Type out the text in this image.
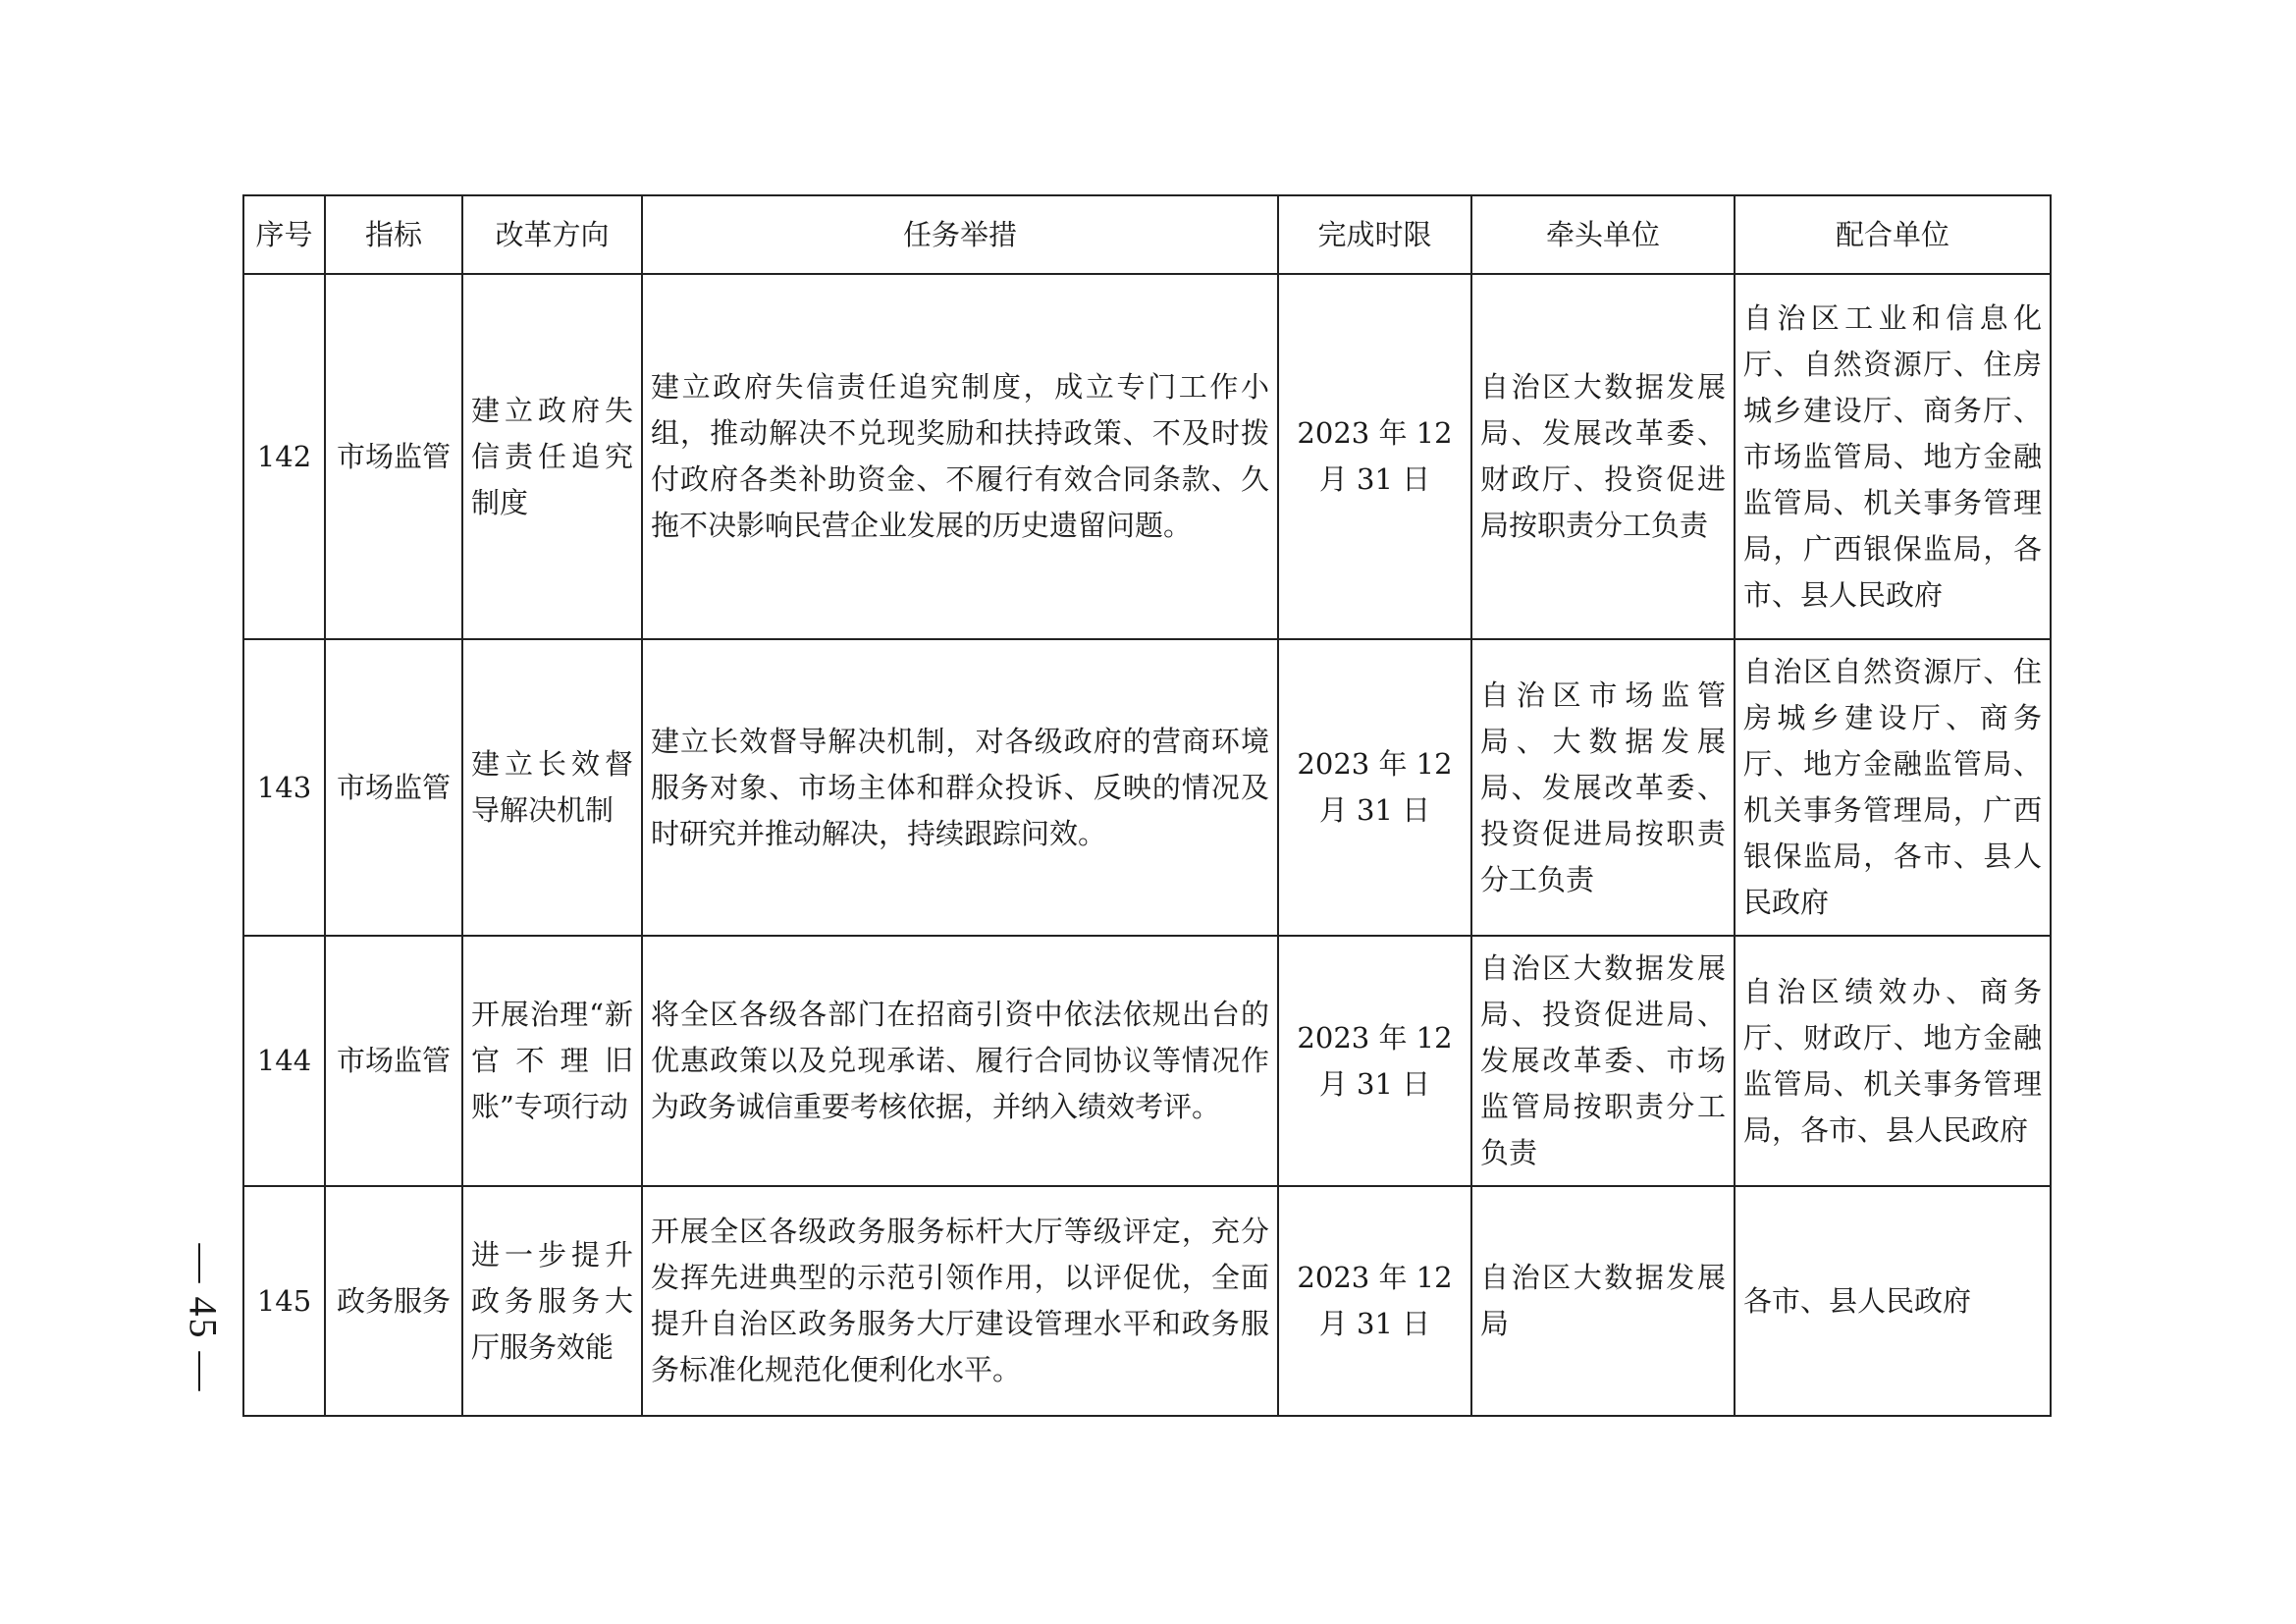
序号	指标	改革方向	任务举措	完成时限	牵头单位	配合单位
142	市场监管	建立政府失信责任追究制度	建立政府失信责任追究制度，成立专门工作小组，推动解决不兑现奖励和扶持政策、不及时拨付政府各类补助资金、不履行有效合同条款、久拖不决影响民营企业发展的历史遗留问题。	2023 年 12 月 31 日	自治区大数据发展局、发展改革委、财政厅、投资促进局按职责分工负责	自治区工业和信息化厅、自然资源厅、住房城乡建设厅、商务厅、市场监管局、地方金融监管局、机关事务管理局，广西银保监局，各市、县人民政府
143	市场监管	建立长效督导解决机制	建立长效督导解决机制，对各级政府的营商环境服务对象、市场主体和群众投诉、反映的情况及时研究并推动解决，持续跟踪问效。	2023 年 12 月 31 日	自治区市场监管局、大数据发展局、发展改革委、投资促进局按职责分工负责	自治区自然资源厅、住房城乡建设厅、商务厅、地方金融监管局、机关事务管理局，广西银保监局，各市、县人民政府
144	市场监管	开展治理“新官不理旧账”专项行动	将全区各级各部门在招商引资中依法依规出台的优惠政策以及兑现承诺、履行合同协议等情况作为政务诚信重要考核依据，并纳入绩效考评。	2023 年 12 月 31 日	自治区大数据发展局、投资促进局、发展改革委、市场监管局按职责分工负责	自治区绩效办、商务厅、财政厅、地方金融监管局、机关事务管理局，各市、县人民政府
145	政务服务	进一步提升政务服务大厅服务效能	开展全区各级政务服务标杆大厅等级评定，充分发挥先进典型的示范引领作用，以评促优，全面提升自治区政务服务大厅建设管理水平和政务服务标准化规范化便利化水平。	2023 年 12 月 31 日	自治区大数据发展局	各市、县人民政府
— 45 —
